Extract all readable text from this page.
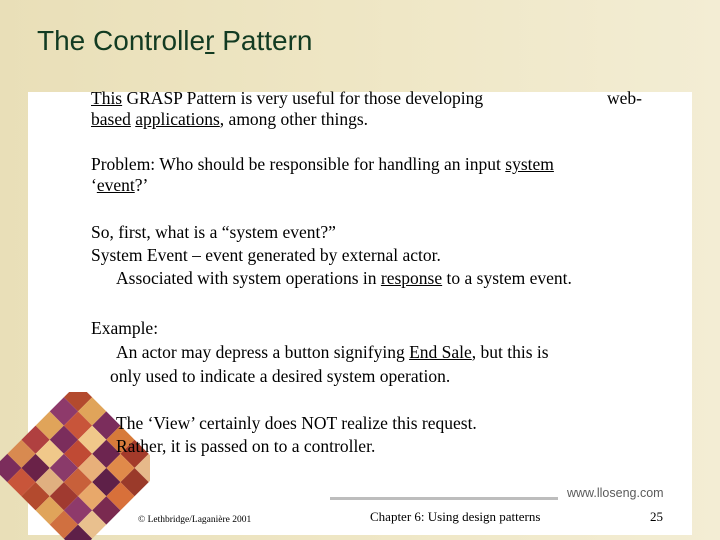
The Controller Pattern
This GRASP Pattern is very useful for those developing	web-
based applications, among other things.
Problem: Who should be responsible for handling an input system
‘event?’
So, first, what is a “system event?”
System Event – event generated by external actor.
Associated with system operations in response to a system event.
Example:
An actor may depress a button signifying End Sale, but this is
only used to indicate a desired system operation.
The ‘View’ certainly does NOT realize this request.
Rather, it is passed on to a controller.
www.lloseng.com
© Lethbridge/Laganière 2001	Chapter 6: Using design patterns	25
